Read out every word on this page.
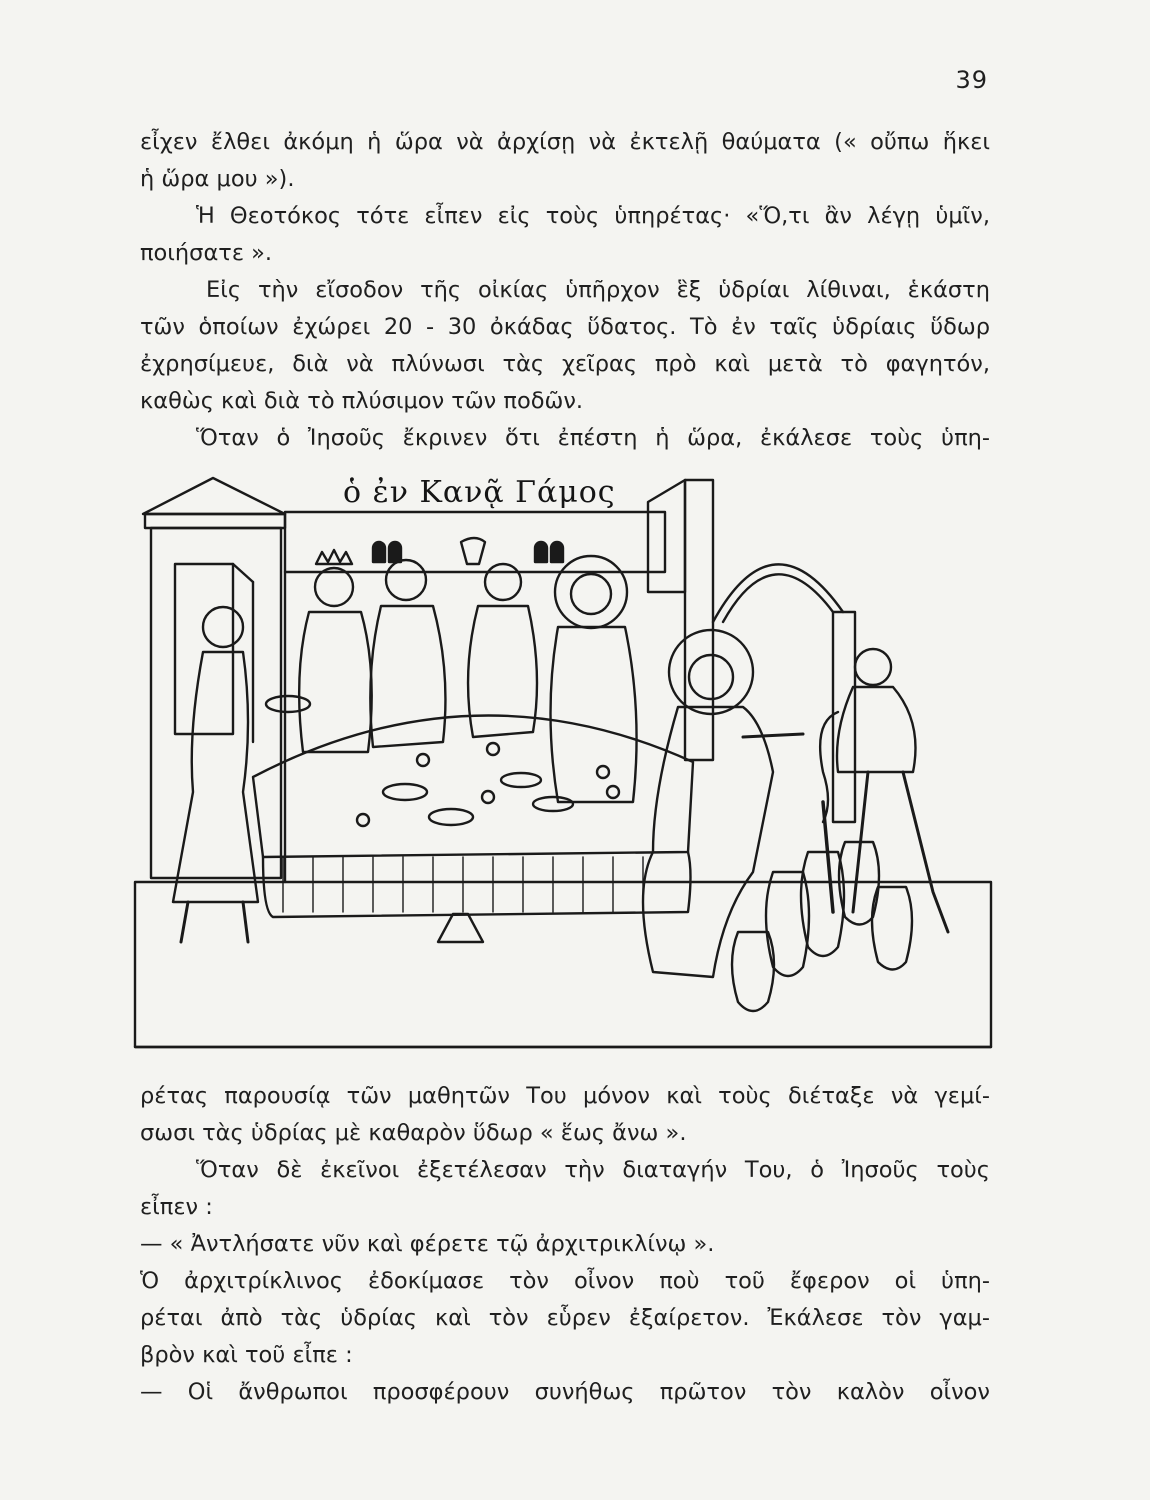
39
εἶχεν ἔλθει ἀκόμη ἡ ὥρα νὰ ἀρχίσῃ νὰ ἐκτελῇ θαύματα (« οὔπω ἥκει
ἡ ὥρα μου »).
Ἡ Θεοτόκος τότε εἶπεν εἰς τοὺς ὑπηρέτας· «Ὅ,τι ἂν λέγῃ ὑμῖν,
ποιήσατε ».
Εἰς τὴν εἴσοδον τῆς οἰκίας ὑπῆρχον ἓξ ὑδρίαι λίθιναι, ἑκάστη
τῶν ὁποίων ἐχώρει 20 - 30 ὀκάδας ὕδατος. Τὸ ἐν ταῖς ὑδρίαις ὕδωρ
ἐχρησίμευε, διὰ νὰ πλύνωσι τὰς χεῖρας πρὸ καὶ μετὰ τὸ φαγητόν,
καθὼς καὶ διὰ τὸ πλύσιμον τῶν ποδῶν.
Ὅταν ὁ Ἰησοῦς ἔκρινεν ὅτι ἐπέστη ἡ ὥρα, ἐκάλεσε τοὺς ὑπη-
ὁ ἐν Κανᾷ Γάμος
ρέτας παρουσίᾳ τῶν μαθητῶν Του μόνον καὶ τοὺς διέταξε νὰ γεμί-
σωσι τὰς ὑδρίας μὲ καθαρὸν ὕδωρ « ἕως ἄνω ».
Ὅταν δὲ ἐκεῖνοι ἐξετέλεσαν τὴν διαταγήν Του, ὁ Ἰησοῦς τοὺς
εἶπεν :
— « Ἀντλήσατε νῦν καὶ φέρετε τῷ ἀρχιτρικλίνῳ ».
Ὁ ἀρχιτρίκλινος ἐδοκίμασε τὸν οἶνον ποὺ τοῦ ἔφερον οἱ ὑπη-
ρέται ἀπὸ τὰς ὑδρίας καὶ τὸν εὗρεν ἐξαίρετον. Ἐκάλεσε τὸν γαμ-
βρὸν καὶ τοῦ εἶπε :
— Οἱ ἄνθρωποι προσφέρουν συνήθως πρῶτον τὸν καλὸν οἶνον
